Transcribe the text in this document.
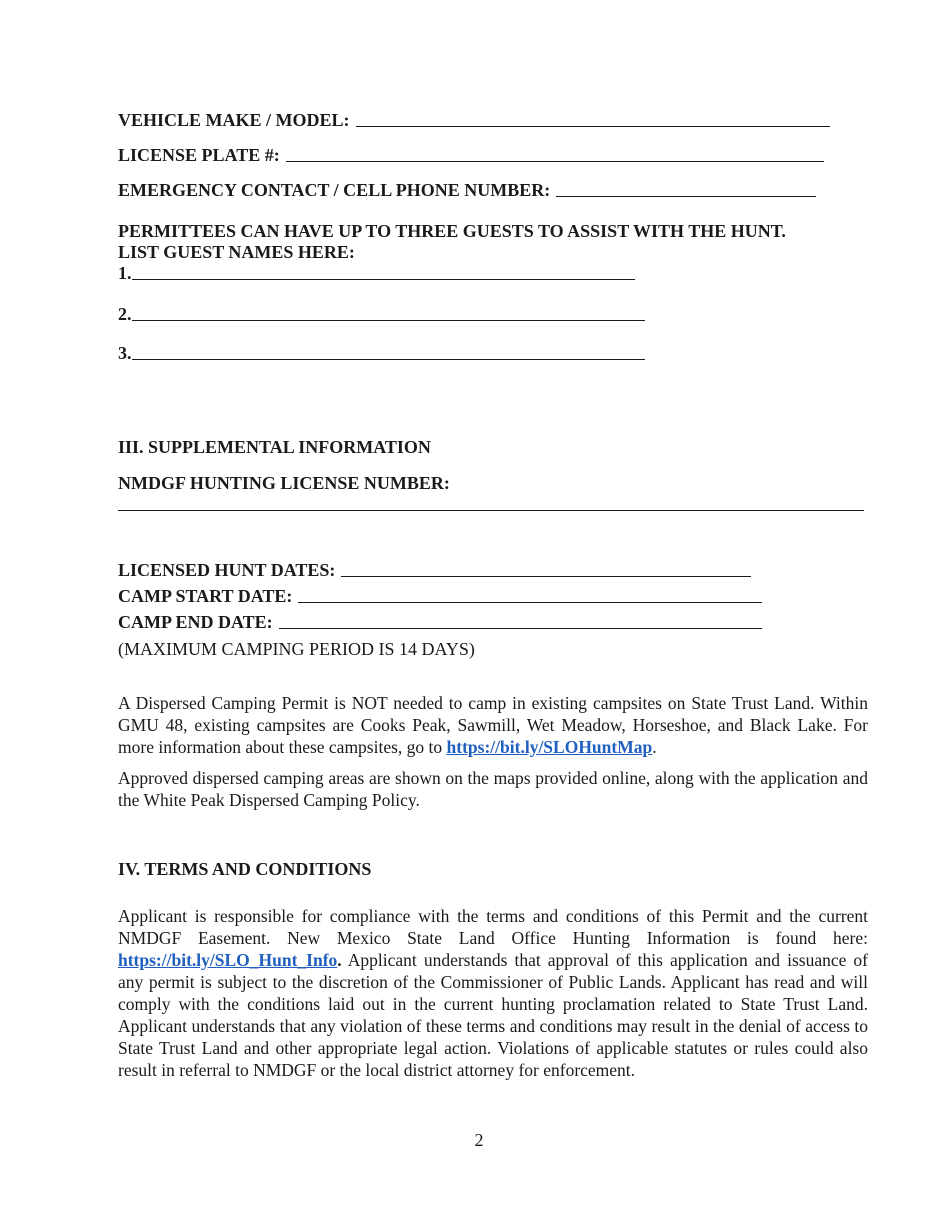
VEHICLE MAKE / MODEL:
LICENSE PLATE #:
EMERGENCY CONTACT / CELL PHONE NUMBER:
PERMITTEES CAN HAVE UP TO THREE GUESTS TO ASSIST WITH THE HUNT.
LIST GUEST NAMES HERE:
1.
2.
3.
III. SUPPLEMENTAL INFORMATION
NMDGF HUNTING LICENSE NUMBER:
LICENSED HUNT DATES:
CAMP START DATE:
CAMP END DATE:
(MAXIMUM CAMPING PERIOD IS 14 DAYS)
A Dispersed Camping Permit is NOT needed to camp in existing campsites on State Trust Land. Within GMU 48, existing campsites are Cooks Peak, Sawmill, Wet Meadow, Horseshoe, and Black Lake. For more information about these campsites, go to https://bit.ly/SLOHuntMap.
Approved dispersed camping areas are shown on the maps provided online, along with the application and the White Peak Dispersed Camping Policy.
IV. TERMS AND CONDITIONS
Applicant is responsible for compliance with the terms and conditions of this Permit and the current NMDGF Easement. New Mexico State Land Office Hunting Information is found here: https://bit.ly/SLO_Hunt_Info. Applicant understands that approval of this application and issuance of any permit is subject to the discretion of the Commissioner of Public Lands. Applicant has read and will comply with the conditions laid out in the current hunting proclamation related to State Trust Land. Applicant understands that any violation of these terms and conditions may result in the denial of access to State Trust Land and other appropriate legal action. Violations of applicable statutes or rules could also result in referral to NMDGF or the local district attorney for enforcement.
2
